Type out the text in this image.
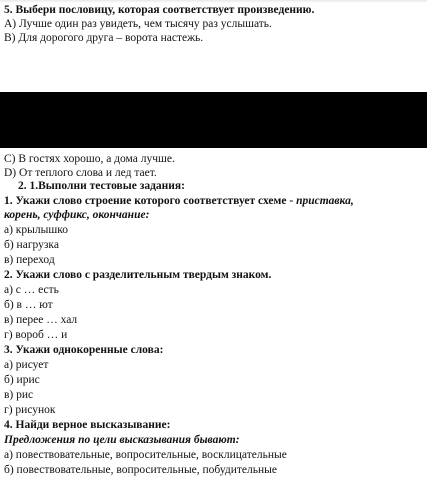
5. Выбери пословицу, которая соответствует произведению.
А) Лучше один раз увидеть, чем тысячу раз услышать.
В) Для дорогого друга – ворота настежь.
С) В гостях хорошо, а дома лучше.
D) От теплого слова и лед тает.
2. 1.Выполни тестовые задания:
1. Укажи слово строение которого соответствует схеме - приставка,
корень, суффикс, окончание:
а) крылышко
б) нагрузка
в) переход
2. Укажи слово с разделительным твердым знаком.
а) с … есть
б) в … ют
в) перее … хал
г) вороб … и
3. Укажи однокоренные слова:
а) рисует
б) ирис
в) рис
г) рисунок
4. Найди верное высказывание:
Предложения по цели высказывания бывают:
а) повествовательные, вопросительные, восклицательные
б) повествовательные, вопросительные, побудительные
